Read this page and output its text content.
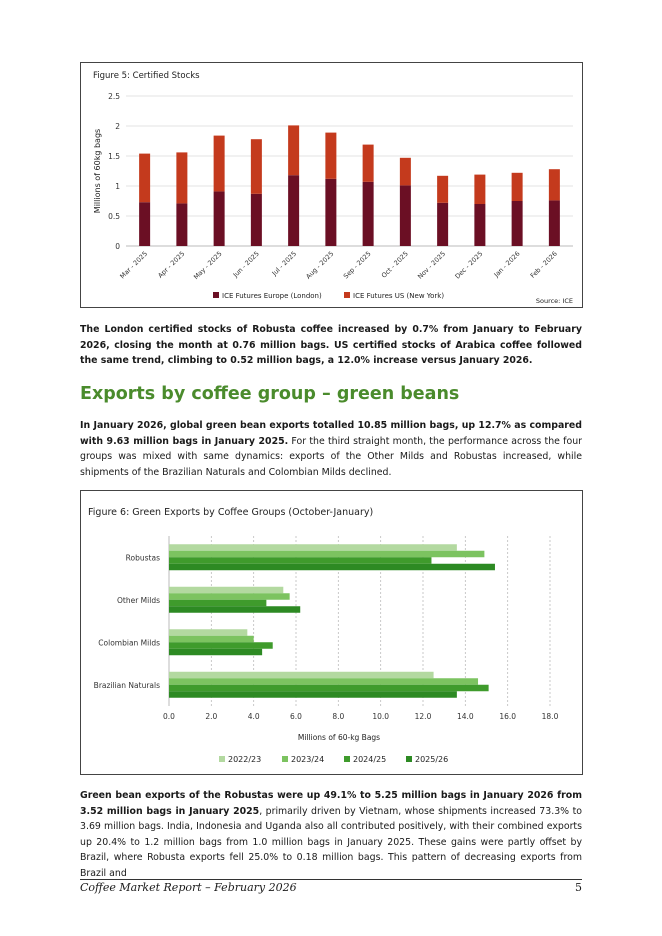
Figure 5: Certified Stocks
Millions of 60kg bags
0
0.5
1
1.5
2
2.5
Mar - 2025 Apr - 2025 May - 2025 Jun - 2025 Jul - 2025 Aug - 2025 Sep - 2025 Oct - 2025 Nov - 2025 Dec - 2025 Jan - 2026 Feb - 2026
ICE Futures Europe (London)	ICE Futures US (New York)
Source: ICE

The London certified stocks of Robusta coffee increased by 0.7% from January to February 2026, closing the month at 0.76 million bags. US certified stocks of Arabica coffee followed the same trend, climbing to 0.52 million bags, a 12.0% increase versus January 2026.

Exports by coffee group – green beans

In January 2026, global green bean exports totalled 10.85 million bags, up 12.7% as compared with 9.63 million bags in January 2025. For the third straight month, the performance across the four groups was mixed with same dynamics: exports of the Other Milds and Robustas increased, while shipments of the Brazilian Naturals and Colombian Milds declined.

Figure 6: Green Exports by Coffee Groups (October-January)
Robustas
Other Milds
Colombian Milds
Brazilian Naturals
0.0	2.0	4.0	6.0	8.0	10.0	12.0	14.0	16.0	18.0
Millions of 60-kg Bags
2022/23	2023/24	2024/25	2025/26

Green bean exports of the Robustas were up 49.1% to 5.25 million bags in January 2026 from 3.52 million bags in January 2025, primarily driven by Vietnam, whose shipments increased 73.3% to 3.69 million bags. India, Indonesia and Uganda also all contributed positively, with their combined exports up 20.4% to 1.2 million bags from 1.0 million bags in January 2025. These gains were partly offset by Brazil, where Robusta exports fell 25.0% to 0.18 million bags. This pattern of decreasing exports from Brazil and

Coffee Market Report – February 2026	5
